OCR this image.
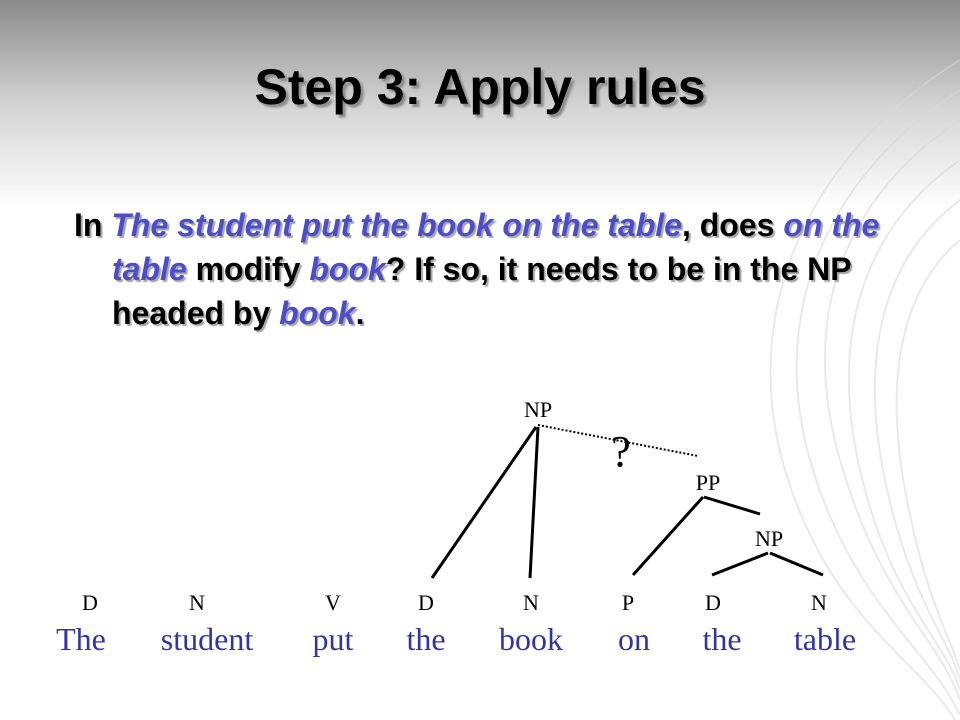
Step 3: Apply rules
In The student put the book on the table, does on the table modify book? If so, it needs to be in the NP headed by book.
NP
?
PP
NP
D	N	V	D	N	P	D	N
The student put the book on the table
